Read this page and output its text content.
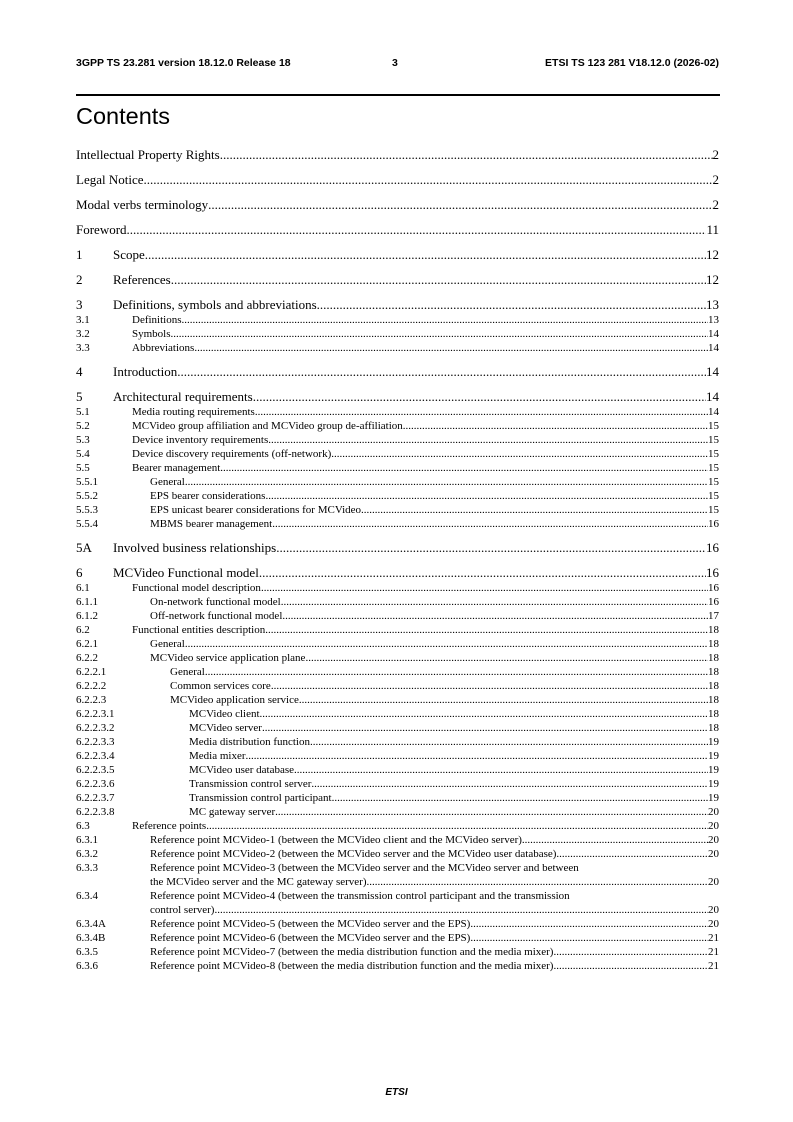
3GPP TS 23.281 version 18.12.0 Release 18	3	ETSI TS 123 281 V18.12.0 (2026-02)
Contents
Intellectual Property Rights .....	2
Legal Notice .....	2
Modal verbs terminology .....	2
Foreword .....	11
1 Scope .....	12
2 References .....	12
3 Definitions, symbols and abbreviations .....	13
3.1	Definitions .....	13
3.2	Symbols .....	14
3.3	Abbreviations .....	14
4 Introduction .....	14
5 Architectural requirements .....	14
5.1	Media routing requirements .....	14
5.2	MCVideo group affiliation and MCVideo group de-affiliation .....	15
5.3	Device inventory requirements .....	15
5.4	Device discovery requirements (off-network) .....	15
5.5	Bearer management .....	15
5.5.1	General .....	15
5.5.2	EPS bearer considerations .....	15
5.5.3	EPS unicast bearer considerations for MCVideo .....	15
5.5.4	MBMS bearer management .....	16
5A Involved business relationships .....	16
6 MCVideo Functional model .....	16
6.1	Functional model description .....	16
6.1.1	On-network functional model .....	16
6.1.2	Off-network functional model .....	17
6.2	Functional entities description .....	18
6.2.1	General .....	18
6.2.2	MCVideo service application plane .....	18
6.2.2.1	General .....	18
6.2.2.2	Common services core .....	18
6.2.2.3	MCVideo application service .....	18
6.2.2.3.1	MCVideo client .....	18
6.2.2.3.2	MCVideo server .....	18
6.2.2.3.3	Media distribution function .....	19
6.2.2.3.4	Media mixer .....	19
6.2.2.3.5	MCVideo user database .....	19
6.2.2.3.6	Transmission control server .....	19
6.2.2.3.7	Transmission control participant .....	19
6.2.2.3.8	MC gateway server .....	20
6.3	Reference points .....	20
6.3.1	Reference point MCVideo-1 (between the MCVideo client and the MCVideo server) .....	20
6.3.2	Reference point MCVideo-2 (between the MCVideo server and the MCVideo user database) .....	20
6.3.3	Reference point MCVideo-3 (between the MCVideo server and the MCVideo server and between
the MCVideo server and the MC gateway server) .....	20
6.3.4	Reference point MCVideo-4 (between the transmission control participant and the transmission
control server) .....	20
6.3.4A	Reference point MCVideo-5 (between the MCVideo server and the EPS) .....	20
6.3.4B	Reference point MCVideo-6 (between the MCVideo server and the EPS) .....	21
6.3.5	Reference point MCVideo-7 (between the media distribution function and the media mixer) .....	21
6.3.6	Reference point MCVideo-8 (between the media distribution function and the media mixer) .....	21
ETSI
